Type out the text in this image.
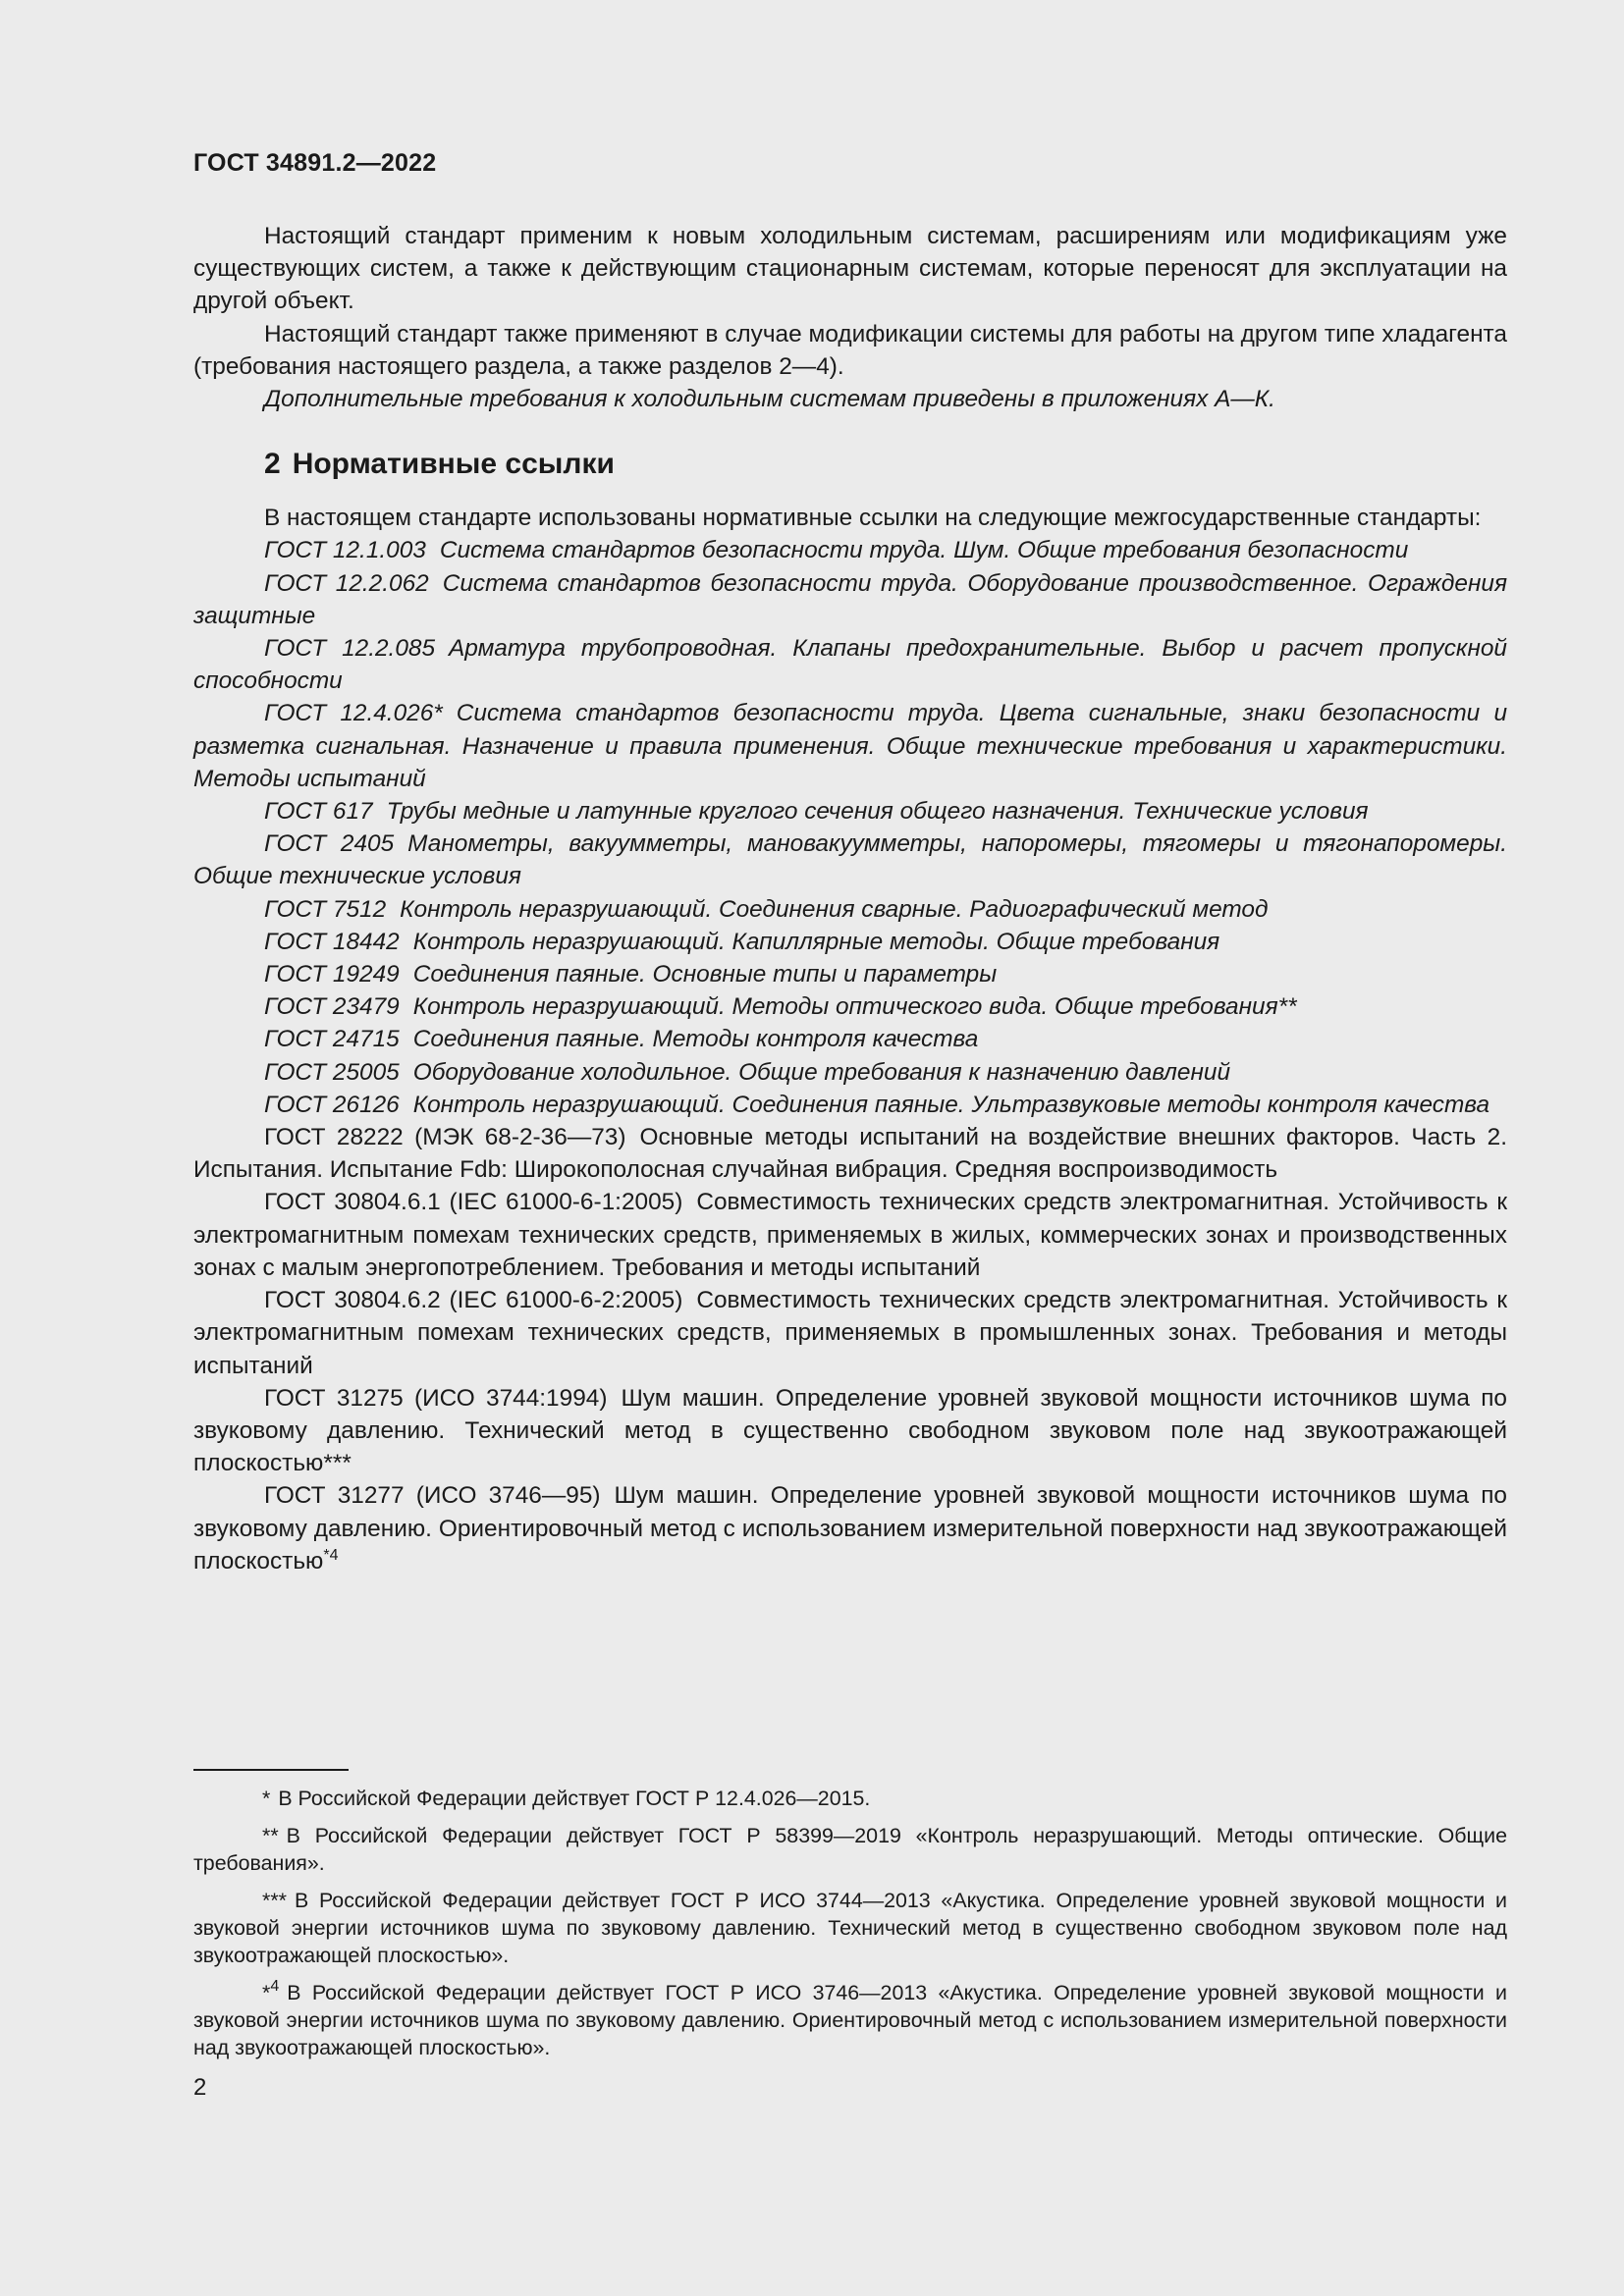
ГОСТ 34891.2—2022

Настоящий стандарт применим к новым холодильным системам, расширениям или модификациям уже существующих систем, а также к действующим стационарным системам, которые переносят для эксплуатации на другой объект.

Настоящий стандарт также применяют в случае модификации системы для работы на другом типе хладагента (требования настоящего раздела, а также разделов 2—4).

Дополнительные требования к холодильным системам приведены в приложениях А—К.

2 Нормативные ссылки

В настоящем стандарте использованы нормативные ссылки на следующие межгосударственные стандарты:

ГОСТ 12.1.003 Система стандартов безопасности труда. Шум. Общие требования безопасности

ГОСТ 12.2.062 Система стандартов безопасности труда. Оборудование производственное. Ограждения защитные

ГОСТ 12.2.085 Арматура трубопроводная. Клапаны предохранительные. Выбор и расчет пропускной способности

ГОСТ 12.4.026* Система стандартов безопасности труда. Цвета сигнальные, знаки безопасности и разметка сигнальная. Назначение и правила применения. Общие технические требования и характеристики. Методы испытаний

ГОСТ 617 Трубы медные и латунные круглого сечения общего назначения. Технические условия

ГОСТ 2405 Манометры, вакуумметры, мановакуумметры, напоромеры, тягомеры и тягонапоромеры. Общие технические условия

ГОСТ 7512 Контроль неразрушающий. Соединения сварные. Радиографический метод

ГОСТ 18442 Контроль неразрушающий. Капиллярные методы. Общие требования

ГОСТ 19249 Соединения паяные. Основные типы и параметры

ГОСТ 23479 Контроль неразрушающий. Методы оптического вида. Общие требования**

ГОСТ 24715 Соединения паяные. Методы контроля качества

ГОСТ 25005 Оборудование холодильное. Общие требования к назначению давлений

ГОСТ 26126 Контроль неразрушающий. Соединения паяные. Ультразвуковые методы контроля качества

ГОСТ 28222 (МЭК 68-2-36—73) Основные методы испытаний на воздействие внешних факторов. Часть 2. Испытания. Испытание Fdb: Широкополосная случайная вибрация. Средняя воспроизводимость

ГОСТ 30804.6.1 (IEC 61000-6-1:2005) Совместимость технических средств электромагнитная. Устойчивость к электромагнитным помехам технических средств, применяемых в жилых, коммерческих зонах и производственных зонах с малым энергопотреблением. Требования и методы испытаний

ГОСТ 30804.6.2 (IEC 61000-6-2:2005) Совместимость технических средств электромагнитная. Устойчивость к электромагнитным помехам технических средств, применяемых в промышленных зонах. Требования и методы испытаний

ГОСТ 31275 (ИСО 3744:1994) Шум машин. Определение уровней звуковой мощности источников шума по звуковому давлению. Технический метод в существенно свободном звуковом поле над звукоотражающей плоскостью***

ГОСТ 31277 (ИСО 3746—95) Шум машин. Определение уровней звуковой мощности источников шума по звуковому давлению. Ориентировочный метод с использованием измерительной поверхности над звукоотражающей плоскостью$^{*4}$

* В Российской Федерации действует ГОСТ Р 12.4.026—2015.

** В Российской Федерации действует ГОСТ Р 58399—2019 «Контроль неразрушающий. Методы оптические. Общие требования».

*** В Российской Федерации действует ГОСТ Р ИСО 3744—2013 «Акустика. Определение уровней звуковой мощности и звуковой энергии источников шума по звуковому давлению. Технический метод в существенно свободном звуковом поле над звукоотражающей плоскостью».

*$^4$ В Российской Федерации действует ГОСТ Р ИСО 3746—2013 «Акустика. Определение уровней звуковой мощности и звуковой энергии источников шума по звуковому давлению. Ориентировочный метод с использованием измерительной поверхности над звукоотражающей плоскостью».

2
